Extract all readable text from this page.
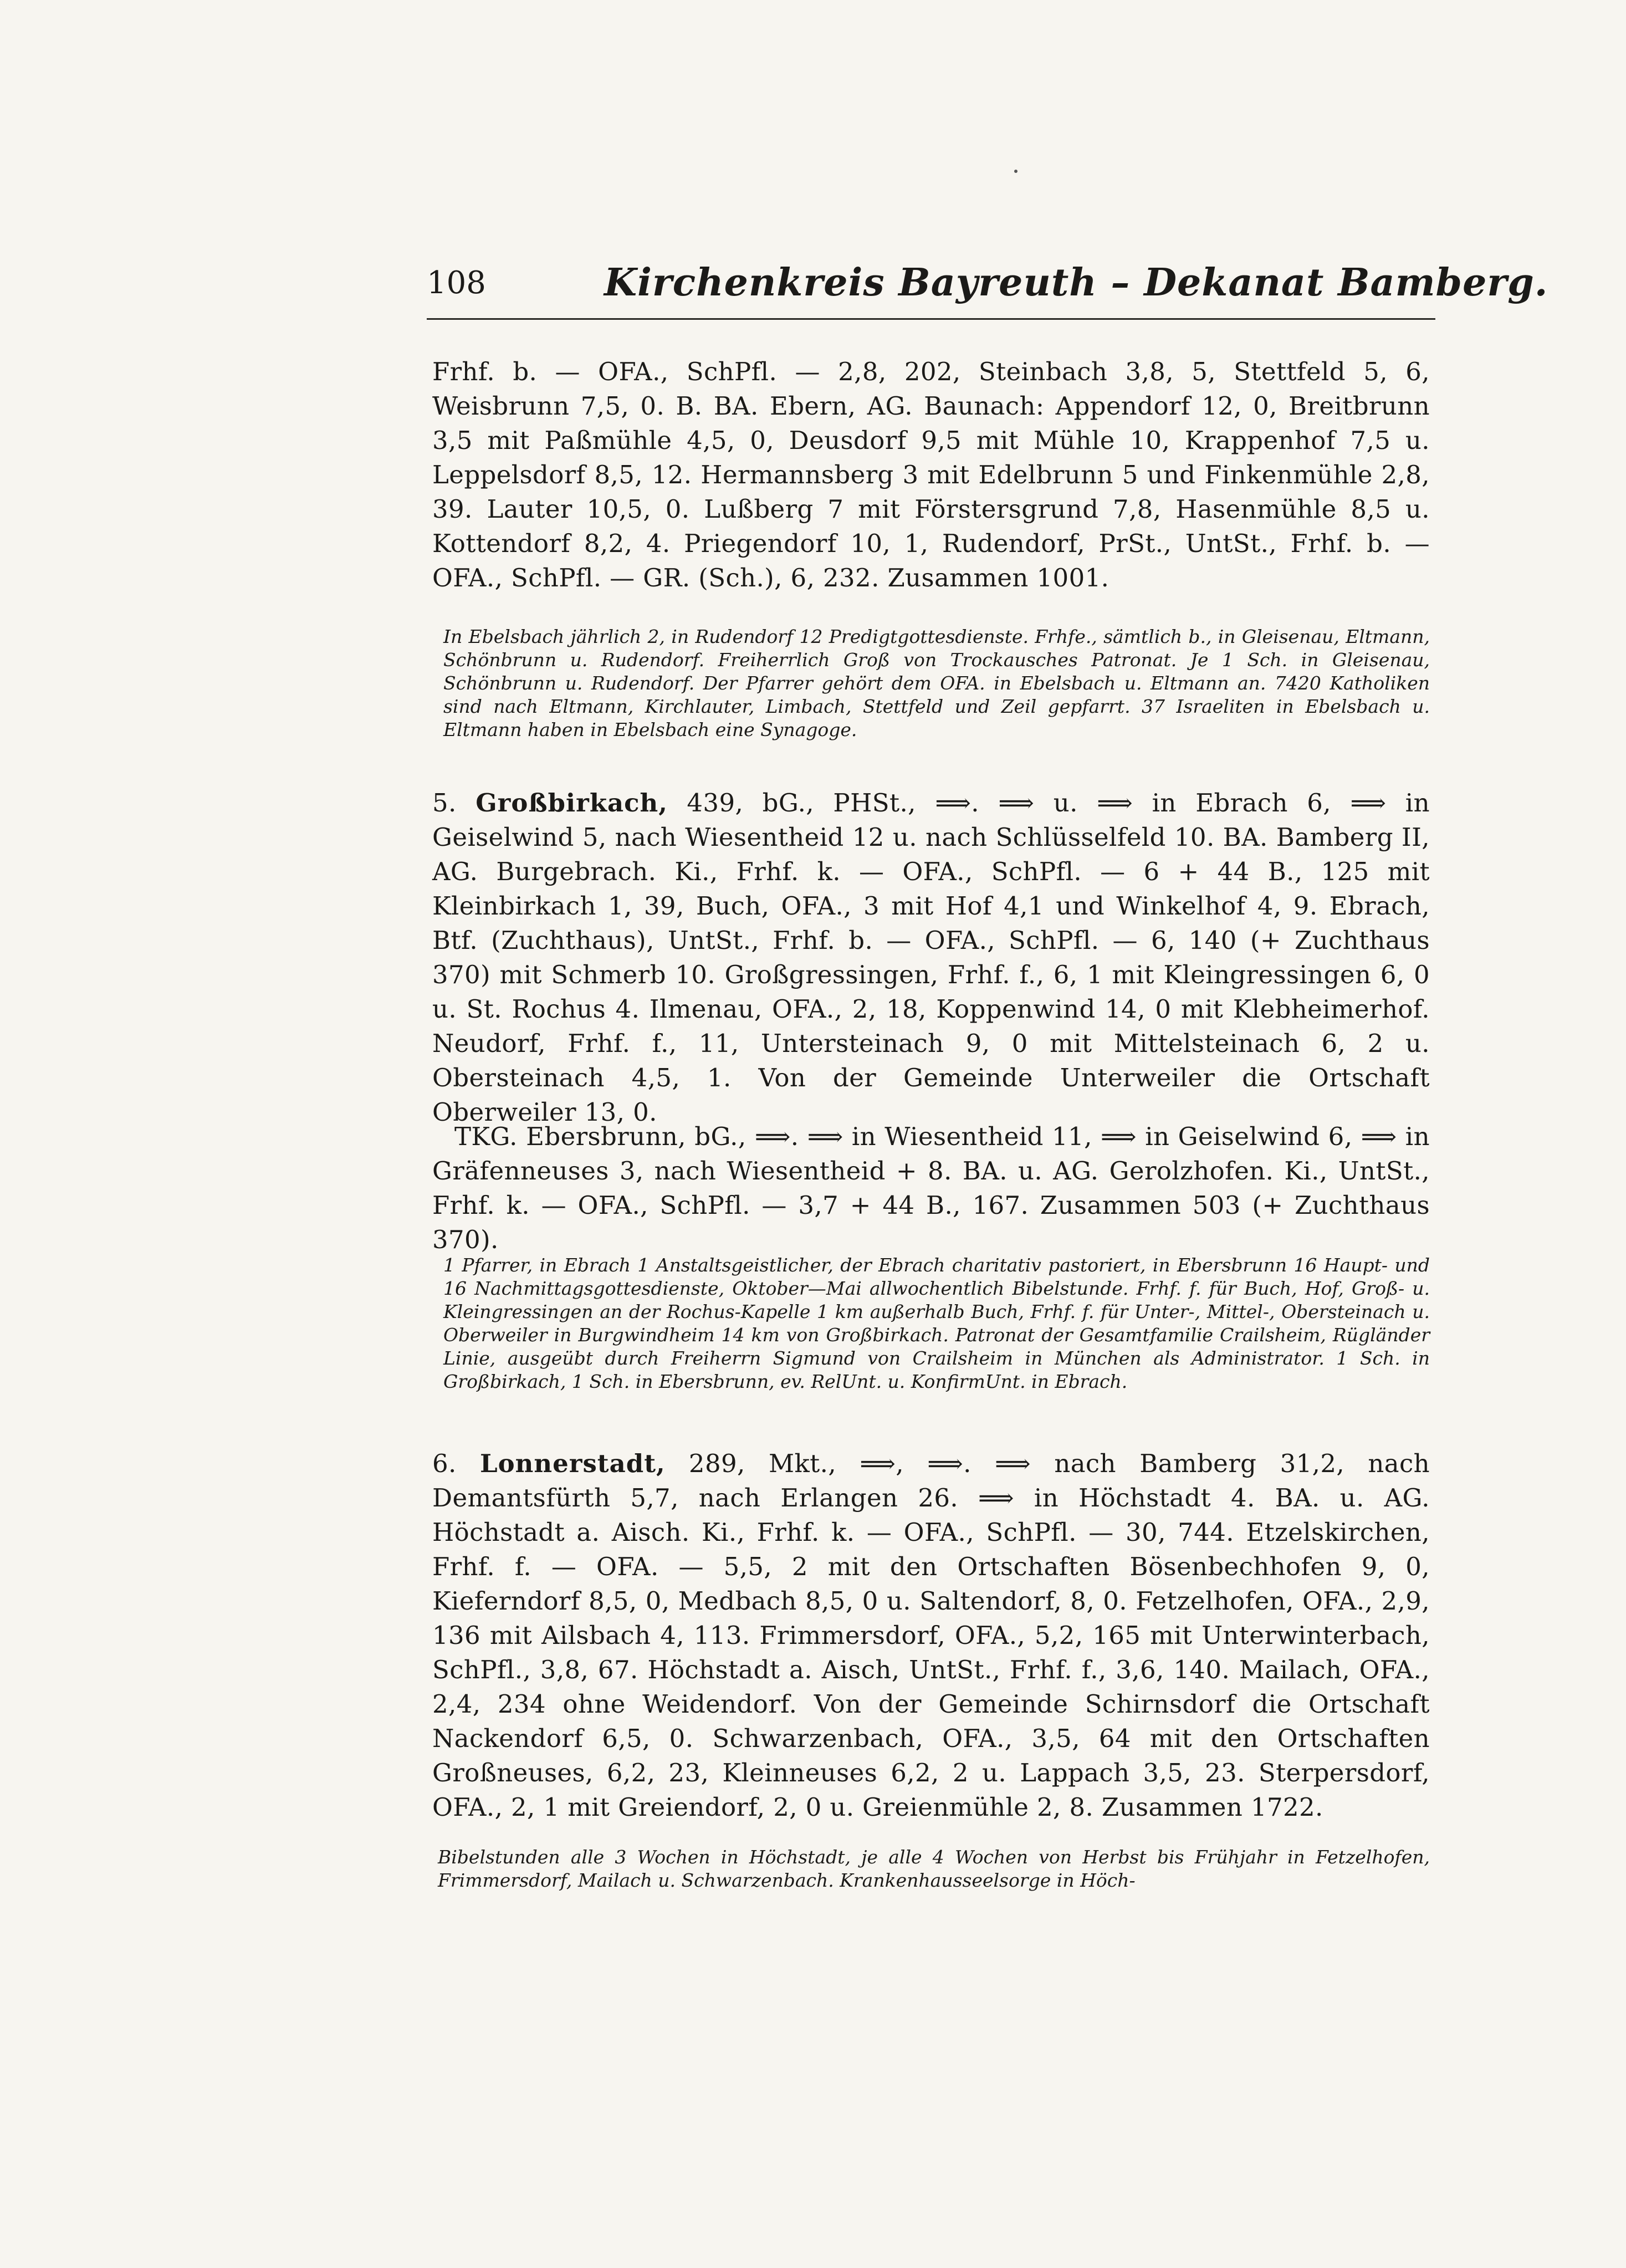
108	Kirchenkreis Bayreuth – Dekanat Bamberg.
Frhf. b. — OFA., SchPfl. — 2,8, 202, Steinbach 3,8, 5, Stettfeld 5, 6, Weisbrunn 7,5, 0. B. BA. Ebern, AG. Baunach: Appendorf 12, 0, Breitbrunn 3,5 mit Paßmühle 4,5, 0, Deusdorf 9,5 mit Mühle 10, Krappenhof 7,5 u. Leppelsdorf 8,5, 12. Hermannsberg 3 mit Edelbrunn 5 und Finkenmühle 2,8, 39. Lauter 10,5, 0. Lußberg 7 mit Förstersgrund 7,8, Hasenmühle 8,5 u. Kottendorf 8,2, 4. Priegendorf 10, 1, Rudendorf, PrSt., UntSt., Frhf. b. — OFA., SchPfl. — GR. (Sch.), 6, 232. Zusammen 1001.
In Ebelsbach jährlich 2, in Rudendorf 12 Predigtgottesdienste. Frhfe., sämtlich b., in Gleisenau, Eltmann, Schönbrunn u. Rudendorf. Freiherrlich Groß von Trockausches Patronat. Je 1 Sch. in Gleisenau, Schönbrunn u. Rudendorf. Der Pfarrer gehört dem OFA. in Ebelsbach u. Eltmann an. 7420 Katholiken sind nach Eltmann, Kirchlauter, Limbach, Stettfeld und Zeil gepfarrt. 37 Israeliten in Ebelsbach u. Eltmann haben in Ebelsbach eine Synagoge.
5. Großbirkach, 439, bG., PHSt., ⟹. ⟹ u. ⟹ in Ebrach 6, ⟹ in Geiselwind 5, nach Wiesentheid 12 u. nach Schlüsselfeld 10. BA. Bamberg II, AG. Burgebrach. Ki., Frhf. k. — OFA., SchPfl. — 6 + 44 B., 125 mit Kleinbirkach 1, 39, Buch, OFA., 3 mit Hof 4,1 und Winkelhof 4, 9. Ebrach, Btf. (Zuchthaus), UntSt., Frhf. b. — OFA., SchPfl. — 6, 140 (+ Zuchthaus 370) mit Schmerb 10. Großgressingen, Frhf. f., 6, 1 mit Kleingressingen 6, 0 u. St. Rochus 4. Ilmenau, OFA., 2, 18, Koppenwind 14, 0 mit Klebheimerhof. Neudorf, Frhf. f., 11, Untersteinach 9, 0 mit Mittelsteinach 6, 2 u. Obersteinach 4,5, 1. Von der Gemeinde Unterweiler die Ortschaft Oberweiler 13, 0.
TKG. Ebersbrunn, bG., ⟹. ⟹ in Wiesentheid 11, ⟹ in Geiselwind 6, ⟹ in Gräfenneuses 3, nach Wiesentheid + 8. BA. u. AG. Gerolzhofen. Ki., UntSt., Frhf. k. — OFA., SchPfl. — 3,7 + 44 B., 167. Zusammen 503 (+ Zuchthaus 370).
1 Pfarrer, in Ebrach 1 Anstaltsgeistlicher, der Ebrach charitativ pastoriert, in Ebersbrunn 16 Haupt- und 16 Nachmittagsgottesdienste, Oktober—Mai allwochentlich Bibelstunde. Frhf. f. für Buch, Hof, Groß- u. Kleingressingen an der Rochus-Kapelle 1 km außerhalb Buch, Frhf. f. für Unter-, Mittel-, Obersteinach u. Oberweiler in Burgwindheim 14 km von Großbirkach. Patronat der Gesamtfamilie Crailsheim, Rügländer Linie, ausgeübt durch Freiherrn Sigmund von Crailsheim in München als Administrator. 1 Sch. in Großbirkach, 1 Sch. in Ebersbrunn, ev. RelUnt. u. KonfirmUnt. in Ebrach.
6. Lonnerstadt, 289, Mkt., ⟹, ⟹. ⟹ nach Bamberg 31,2, nach Demantsfürth 5,7, nach Erlangen 26. ⟹ in Höchstadt 4. BA. u. AG. Höchstadt a. Aisch. Ki., Frhf. k. — OFA., SchPfl. — 30, 744. Etzelskirchen, Frhf. f. — OFA. — 5,5, 2 mit den Ortschaften Bösenbechhofen 9, 0, Kieferndorf 8,5, 0, Medbach 8,5, 0 u. Saltendorf, 8, 0. Fetzelhofen, OFA., 2,9, 136 mit Ailsbach 4, 113. Frimmersdorf, OFA., 5,2, 165 mit Unterwinterbach, SchPfl., 3,8, 67. Höchstadt a. Aisch, UntSt., Frhf. f., 3,6, 140. Mailach, OFA., 2,4, 234 ohne Weidendorf. Von der Gemeinde Schirnsdorf die Ortschaft Nackendorf 6,5, 0. Schwarzenbach, OFA., 3,5, 64 mit den Ortschaften Großneuses, 6,2, 23, Kleinneuses 6,2, 2 u. Lappach 3,5, 23. Sterpersdorf, OFA., 2, 1 mit Greiendorf, 2, 0 u. Greienmühle 2, 8. Zusammen 1722.
Bibelstunden alle 3 Wochen in Höchstadt, je alle 4 Wochen von Herbst bis Frühjahr in Fetzelhofen, Frimmersdorf, Mailach u. Schwarzenbach. Krankenhausseelsorge in Höch-
